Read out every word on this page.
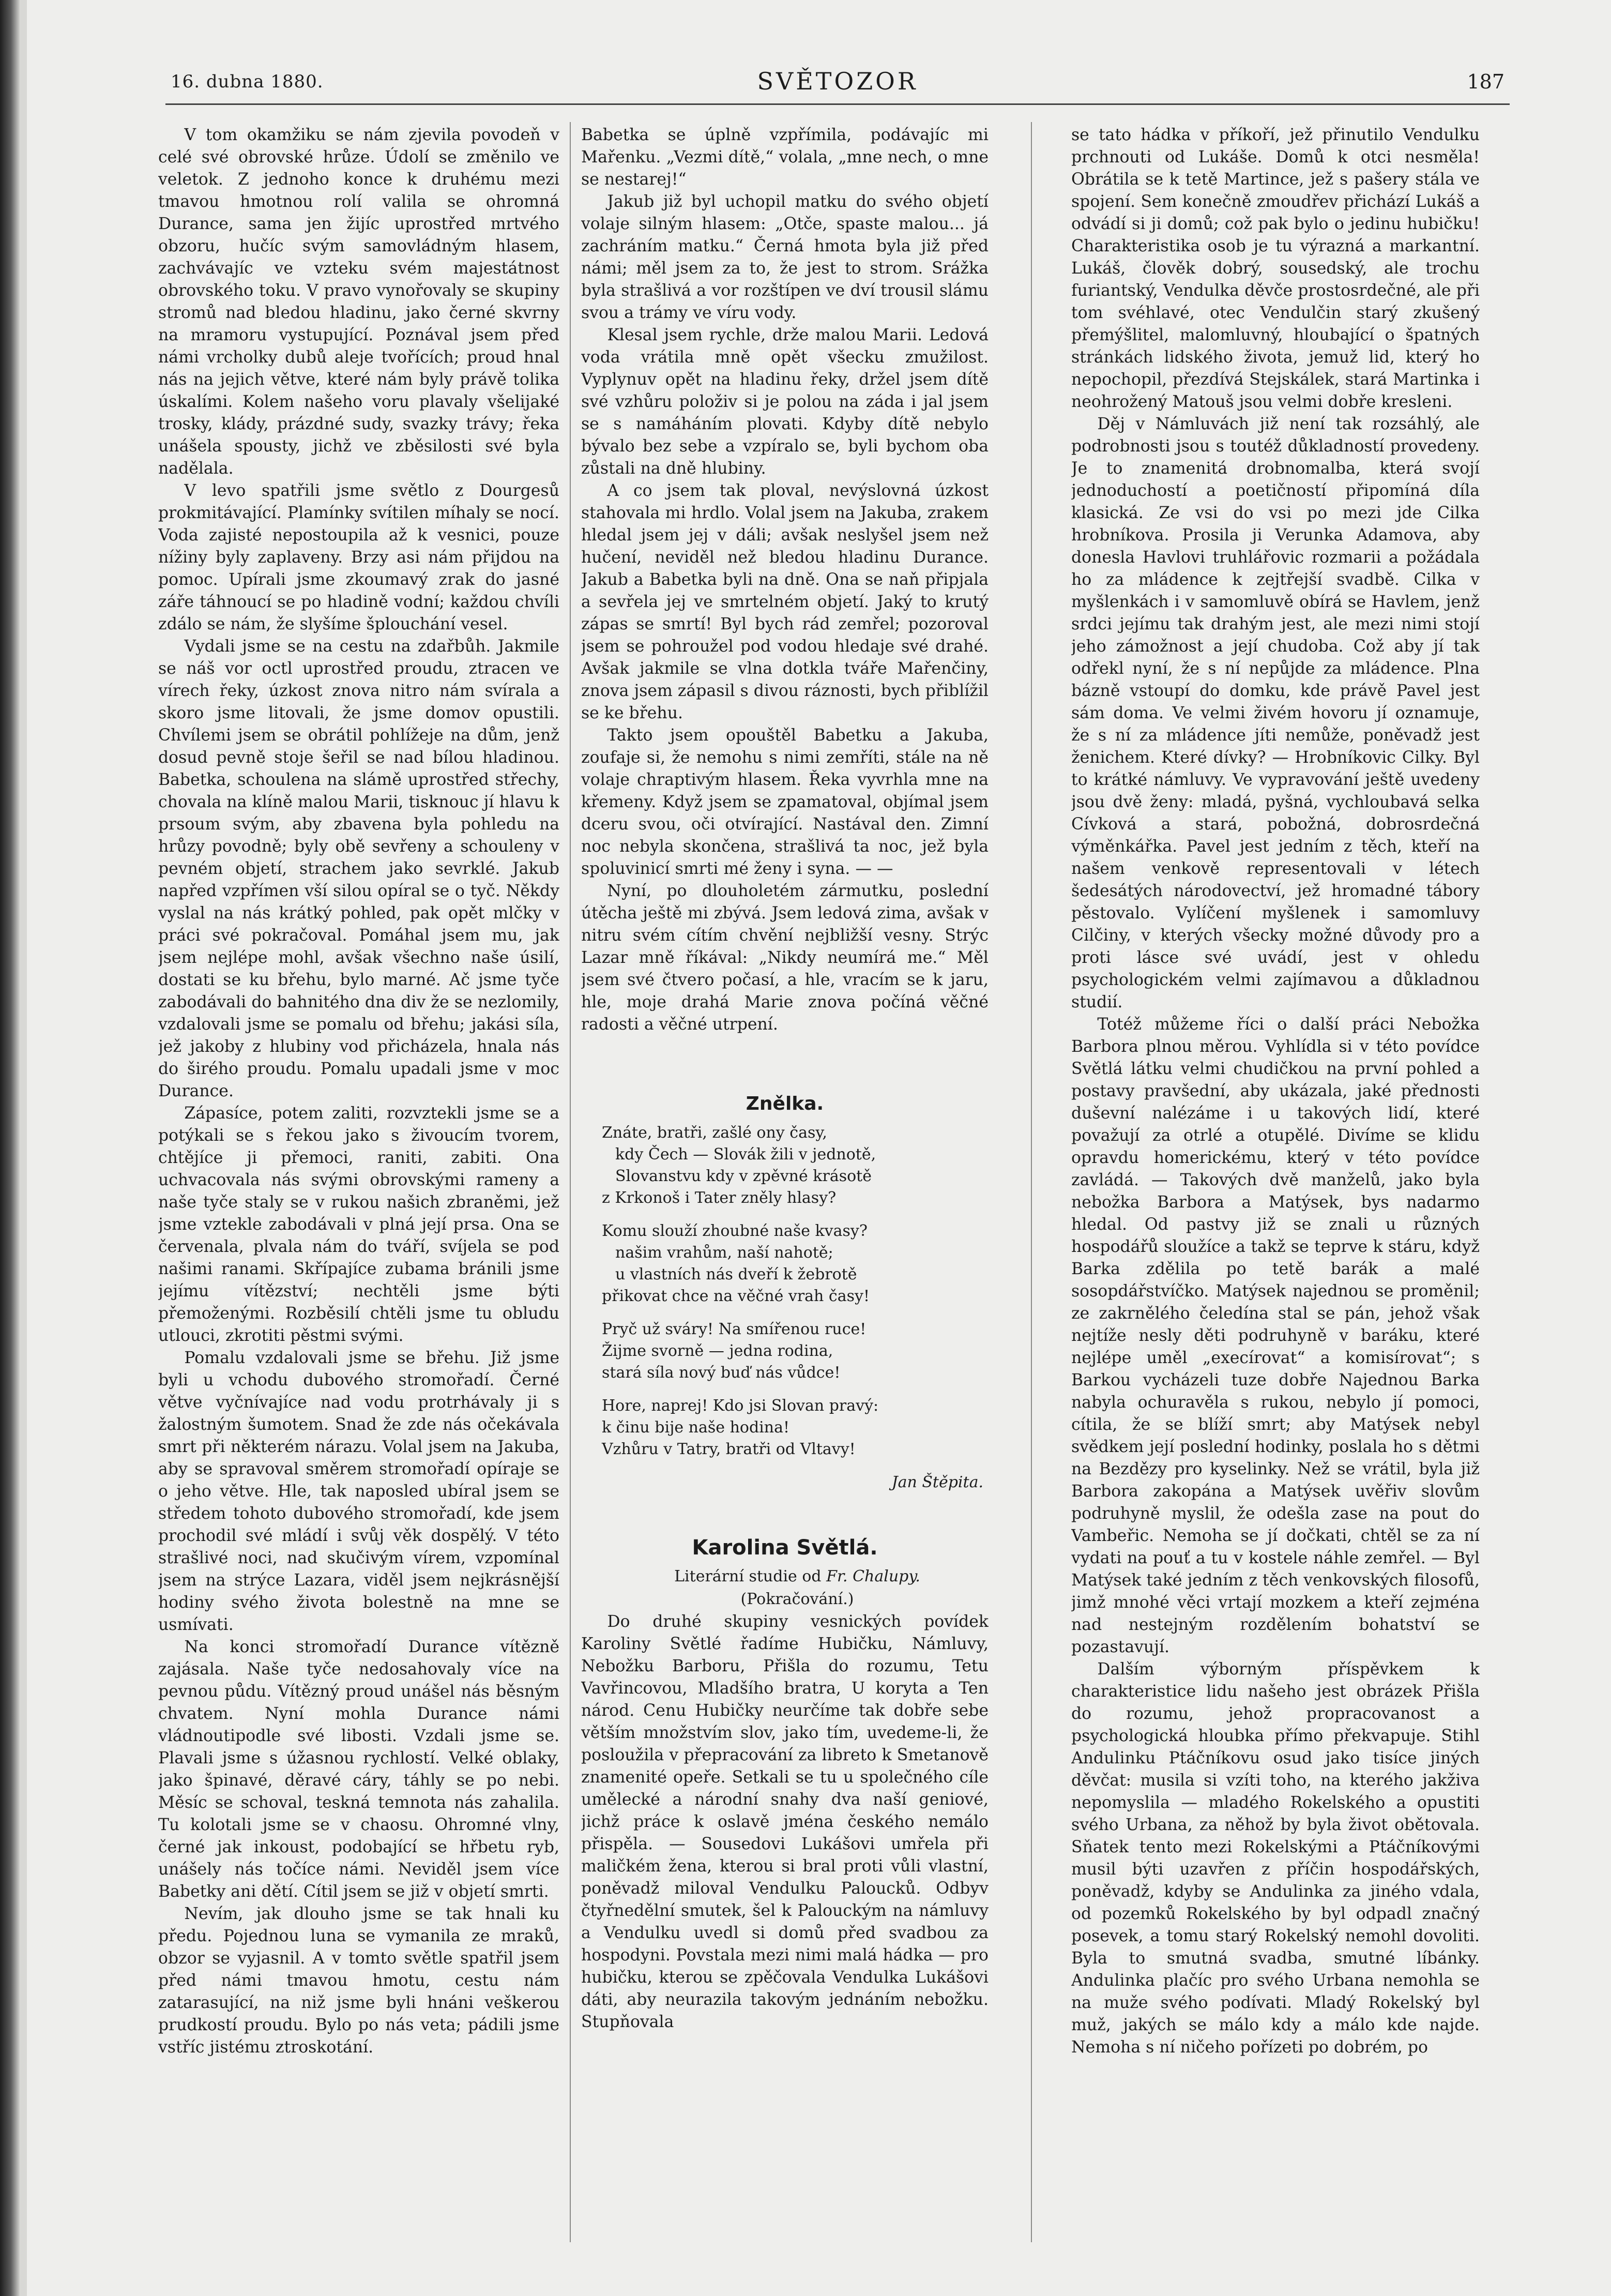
16. dubna 1880.	SVĚTOZOR	187

V tom okamžiku se nám zjevila povodeň v celé své obrovské hrůze. Údolí se změnilo ve veletok. Z jednoho konce k druhému mezi tmavou hmotnou rolí valila se ohromná Durance, sama jen žijíc uprostřed mrtvého obzoru, hučíc svým samovládným hlasem, zachvávajíc ve vzteku svém majestátnost obrovského toku. V pravo vynořovaly se skupiny stromů nad bledou hladinu, jako černé skvrny na mramoru vystupující. Poznával jsem před námi vrcholky dubů aleje tvořících; proud hnal nás na jejich větve, které nám byly právě tolika úskalími. Kolem našeho voru plavaly všelijaké trosky, klády, prázdné sudy, svazky trávy; řeka unášela spousty, jichž ve zběsilosti své byla nadělala.

V levo spatřili jsme světlo z Dourgesů prokmitávající. Plamínky svítilen míhaly se nocí. Voda zajisté nepostoupila až k vesnici, pouze nížiny byly zaplaveny. Brzy asi nám přijdou na pomoc. Upírali jsme zkoumavý zrak do jasné záře táhnoucí se po hladině vodní; každou chvíli zdálo se nám, že slyšíme šplouchání vesel.

Vydali jsme se na cestu na zdařbůh. Jakmile se náš vor octl uprostřed proudu, ztracen ve vírech řeky, úzkost znova nitro nám svírala a skoro jsme litovali, že jsme domov opustili. Chvílemi jsem se obrátil pohlížeje na dům, jenž dosud pevně stoje šeřil se nad bílou hladinou. Babetka, schoulena na slámě uprostřed střechy, chovala na klíně malou Marii, tisknouc jí hlavu k prsoum svým, aby zbavena byla pohledu na hrůzy povodně; byly obě sevřeny a schouleny v pevném objetí, strachem jako sevrklé. Jakub napřed vzpřímen vší silou opíral se o tyč. Někdy vyslal na nás krátký pohled, pak opět mlčky v práci své pokračoval. Pomáhal jsem mu, jak jsem nejlépe mohl, avšak všechno naše úsilí, dostati se ku břehu, bylo marné. Ač jsme tyče zabodávali do bahnitého dna div že se nezlomily, vzdalovali jsme se pomalu od břehu; jakási síla, jež jakoby z hlubiny vod přicházela, hnala nás do širého proudu. Pomalu upadali jsme v moc Durance.

Zápasíce, potem zaliti, rozvztekli jsme se a potýkali se s řekou jako s živoucím tvorem, chtějíce ji přemoci, raniti, zabiti. Ona uchvacovala nás svými obrovskými rameny a naše tyče staly se v rukou našich zbraněmi, jež jsme vztekle zabodávali v plná její prsa. Ona se červenala, plvala nám do tváří, svíjela se pod našimi ranami. Skřípajíce zubama bránili jsme jejímu vítězství; nechtěli jsme býti přemoženými. Rozběsilí chtěli jsme tu obludu utlouci, zkrotiti pěstmi svými.

Pomalu vzdalovali jsme se břehu. Již jsme byli u vchodu dubového stromořadí. Černé větve vyčnívajíce nad vodu protrhávaly ji s žalostným šumotem. Snad že zde nás očekávala smrt při některém nárazu. Volal jsem na Jakuba, aby se spravoval směrem stromořadí opíraje se o jeho větve. Hle, tak naposled ubíral jsem se středem tohoto dubového stromořadí, kde jsem prochodil své mládí i svůj věk dospělý. V této strašlivé noci, nad skučivým vírem, vzpomínal jsem na strýce Lazara, viděl jsem nejkrásnější hodiny svého života bolestně na mne se usmívati.

Na konci stromořadí Durance vítězně zajásala. Naše tyče nedosahovaly více na pevnou půdu. Vítězný proud unášel nás běsným chvatem. Nyní mohla Durance námi vládnoutipodle své libosti. Vzdali jsme se. Plavali jsme s úžasnou rychlostí. Velké oblaky, jako špinavé, děravé cáry, táhly se po nebi. Měsíc se schoval, teskná temnota nás zahalila. Tu kolotali jsme se v chaosu. Ohromné vlny, černé jak inkoust, podobající se hřbetu ryb, unášely nás točíce námi. Neviděl jsem více Babetky ani dětí. Cítil jsem se již v objetí smrti.

Nevím, jak dlouho jsme se tak hnali ku předu. Pojednou luna se vymanila ze mraků, obzor se vyjasnil. A v tomto světle spatřil jsem před námi tmavou hmotu, cestu nám zatarasující, na niž jsme byli hnáni veškerou prudkostí proudu. Bylo po nás veta; pádili jsme vstříc jistému ztroskotání.

Babetka se úplně vzpřímila, podávajíc mi Mařenku. „Vezmi dítě,“ volala, „mne nech, o mne se nestarej!“

Jakub již byl uchopil matku do svého objetí volaje silným hlasem: „Otče, spaste malou... já zachráním matku.“ Černá hmota byla již před námi; měl jsem za to, že jest to strom. Srážka byla strašlivá a vor rozštípen ve dví trousil slámu svou a trámy ve víru vody.

Klesal jsem rychle, drže malou Marii. Ledová voda vrátila mně opět všecku zmužilost. Vyplynuv opět na hladinu řeky, držel jsem dítě své vzhůru položiv si je polou na záda i jal jsem se s namáháním plovati. Kdyby dítě nebylo bývalo bez sebe a vzpíralo se, byli bychom oba zůstali na dně hlubiny.

A co jsem tak ploval, nevýslovná úzkost stahovala mi hrdlo. Volal jsem na Jakuba, zrakem hledal jsem jej v dáli; avšak neslyšel jsem než hučení, neviděl než bledou hladinu Durance. Jakub a Babetka byli na dně. Ona se naň připjala a sevřela jej ve smrtelném objetí. Jaký to krutý zápas se smrtí! Byl bych rád zemřel; pozoroval jsem se pohroužel pod vodou hledaje své drahé. Avšak jakmile se vlna dotkla tváře Mařenčiny, znova jsem zápasil s divou ráznosti, bych přiblížil se ke břehu.

Takto jsem opouštěl Babetku a Jakuba, zoufaje si, že nemohu s nimi zemříti, stále na ně volaje chraptivým hlasem. Řeka vyvrhla mne na křemeny. Když jsem se zpamatoval, objímal jsem dceru svou, oči otvírající. Nastával den. Zimní noc nebyla skončena, strašlivá ta noc, jež byla spoluvinicí smrti mé ženy i syna. — —

Nyní, po dlouholetém zármutku, poslední útěcha ještě mi zbývá. Jsem ledová zima, avšak v nitru svém cítím chvění nejbližší vesny. Strýc Lazar mně říkával: „Nikdy neumírá me.“ Měl jsem své čtvero počasí, a hle, vracím se k jaru, hle, moje drahá Marie znova počíná věčné radosti a věčné utrpení.

Znělka.
Znáte, bratři, zašlé ony časy,
kdy Čech — Slovák žili v jednotě,
Slovanstvu kdy v zpěvné krásotě
z Krkonoš i Tater zněly hlasy?
Komu slouží zhoubné naše kvasy?
našim vrahům, naší nahotě;
u vlastních nás dveří k žebrotě
přikovat chce na věčné vrah časy!
Pryč už sváry! Na smířenou ruce!
Žijme svorně — jedna rodina,
stará síla nový buď nás vůdce!
Hore, naprej! Kdo jsi Slovan pravý:
k činu bije naše hodina!
Vzhůru v Tatry, bratři od Vltavy!
Jan Štěpita.
Karolina Světlá.

Literární studie od Fr. Chalupy.

(Pokračování.)

Do druhé skupiny vesnických povídek Karoliny Světlé řadíme Hubičku, Námluvy, Nebožku Barboru, Přišla do rozumu, Tetu Vavřincovou, Mladšího bratra, U koryta a Ten národ. Cenu Hubičky neurčíme tak dobře sebe větším množstvím slov, jako tím, uvedeme-li, že posloužila v přepracování za libreto k Smetanově znamenité opeře. Setkali se tu u společného cíle umělecké a národní snahy dva naší geniové, jichž práce k oslavě jména českého nemálo přispěla. — Sousedovi Lukášovi umřela při maličkém žena, kterou si bral proti vůli vlastní, poněvadž miloval Vendulku Paloucků. Odbyv čtyřnedělní smutek, šel k Palouckým na námluvy a Vendulku uvedl si domů před svadbou za hospodyni. Povstala mezi nimi malá hádka — pro hubičku, kterou se zpěčovala Vendulka Lukášovi dáti, aby neurazila takovým jednáním nebožku. Stupňovala

se tato hádka v příkoří, jež přinutilo Vendulku prchnouti od Lukáše. Domů k otci nesměla! Obrátila se k tetě Martince, jež s pašery stála ve spojení. Sem konečně zmoudřev přichází Lukáš a odvádí si ji domů; což pak bylo o jedinu hubičku! Charakteristika osob je tu výrazná a markantní. Lukáš, člověk dobrý, sousedský, ale trochu furiantský, Vendulka děvče prostosrdečné, ale při tom svéhlavé, otec Vendulčin starý zkušený přemýšlitel, malomluvný, hloubající o špatných stránkách lidského života, jemuž lid, který ho nepochopil, přezdívá Stejskálek, stará Martinka i neohrožený Matouš jsou velmi dobře kresleni.

Děj v Námluvách již není tak rozsáhlý, ale podrobnosti jsou s toutéž důkladností provedeny. Je to znamenitá drobnomalba, která svojí jednoduchostí a poetičností připomíná díla klasická. Ze vsi do vsi po mezi jde Cilka hrobníkova. Prosila ji Verunka Adamova, aby donesla Havlovi truhlářovic rozmarii a požádala ho za mládence k zejtřejší svadbě. Cilka v myšlenkách i v samomluvě obírá se Havlem, jenž srdci jejímu tak drahým jest, ale mezi nimi stojí jeho zámožnost a její chudoba. Což aby jí tak odřekl nyní, že s ní nepůjde za mládence. Plna bázně vstoupí do domku, kde právě Pavel jest sám doma. Ve velmi živém hovoru jí oznamuje, že s ní za mládence jíti nemůže, poněvadž jest ženichem. Které dívky? — Hrobníkovic Cilky. Byl to krátké námluvy. Ve vypravování ještě uvedeny jsou dvě ženy: mladá, pyšná, vychloubavá selka Cívková a stará, pobožná, dobrosrdečná výměnkářka. Pavel jest jedním z těch, kteří na našem venkově representovali v létech šedesátých národovectví, jež hromadné tábory pěstovalo. Vylíčení myšlenek i samomluvy Cilčiny, v kterých všecky možné důvody pro a proti lásce své uvádí, jest v ohledu psychologickém velmi zajímavou a důkladnou studií.

Totéž můžeme říci o další práci Nebožka Barbora plnou měrou. Vyhlídla si v této povídce Světlá látku velmi chudičkou na první pohled a postavy pravšední, aby ukázala, jaké přednosti duševní nalézáme i u takových lidí, které považují za otrlé a otupělé. Divíme se klidu opravdu homerickému, který v této povídce zavládá. — Takových dvě manželů, jako byla nebožka Barbora a Matýsek, bys nadarmo hledal. Od pastvy již se znali u různých hospodářů sloužíce a takž se teprve k stáru, když Barka zdělila po tetě barák a malé sosopdářstvíčko. Matýsek najednou se proměnil; ze zakrnělého čeledína stal se pán, jehož však nejtíže nesly děti podruhyně v baráku, které nejlépe uměl „execírovat“ a komisírovat“; s Barkou vycházeli tuze dobře Najednou Barka nabyla ochuravěla s rukou, nebylo jí pomoci, cítila, že se blíží smrt; aby Matýsek nebyl svědkem její poslední hodinky, poslala ho s dětmi na Bezdězy pro kyselinky. Než se vrátil, byla již Barbora zakopána a Matýsek uvěřiv slovům podruhyně myslil, že odešla zase na pout do Vambeřic. Nemoha se jí dočkati, chtěl se za ní vydati na pouť a tu v kostele náhle zemřel. — Byl Matýsek také jedním z těch venkovských filosofů, jimž mnohé věci vrtají mozkem a kteří zejména nad nestejným rozdělením bohatství se pozastavují.

Dalším výborným příspěvkem k charakteristice lidu našeho jest obrázek Přišla do rozumu, jehož propracovanost a psychologická hloubka přímo překvapuje. Stihl Andulinku Ptáčníkovu osud jako tisíce jiných děvčat: musila si vzíti toho, na kterého jakživa nepomyslila — mladého Rokelského a opustiti svého Urbana, za něhož by byla život obětovala. Sňatek tento mezi Rokelskými a Ptáčníkovými musil býti uzavřen z příčin hospodářských, poněvadž, kdyby se Andulinka za jiného vdala, od pozemků Rokelského by byl odpadl značný posevek, a tomu starý Rokelský nemohl dovoliti. Byla to smutná svadba, smutné líbánky. Andulinka plačíc pro svého Urbana nemohla se na muže svého podívati. Mladý Rokelský byl muž, jakých se málo kdy a málo kde najde. Nemoha s ní ničeho pořízeti po dobrém, po
